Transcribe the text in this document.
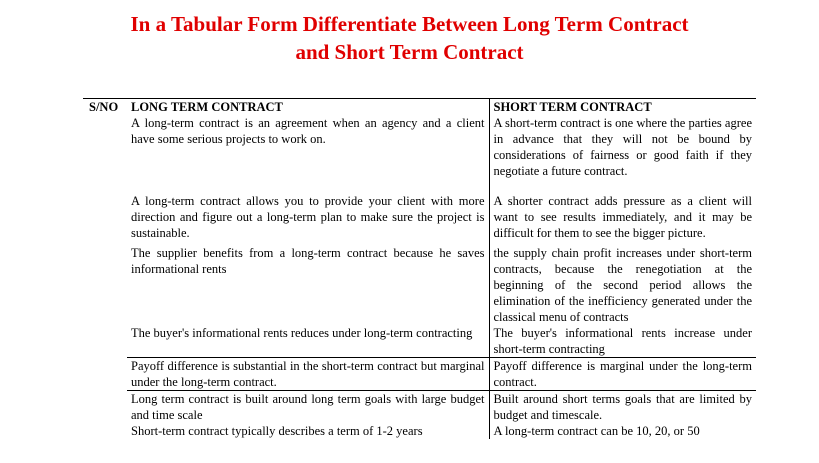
In a Tabular Form Differentiate Between Long Term Contract
and Short Term Contract
S/NO	LONG TERM CONTRACT	SHORT TERM CONTRACT
	A long-term contract is an agreement when an agency and a client have some serious projects to work on.	A short-term contract is one where the parties agree in advance that they will not be bound by considerations of fairness or good faith if they negotiate a future contract.
	A long-term contract allows you to provide your client with more direction and figure out a long-term plan to make sure the project is sustainable.	A shorter contract adds pressure as a client will want to see results immediately, and it may be difficult for them to see the bigger picture.
	The supplier benefits from a long-term contract because he saves informational rents	the supply chain profit increases under short-term contracts, because the renegotiation at the beginning of the second period allows the elimination of the inefficiency generated under the classical menu of contracts
	The buyer's informational rents reduces under long-term contracting	The buyer's informational rents increase under short-term contracting
	Payoff difference is substantial in the short-term contract but marginal under the long-term contract.	Payoff difference is marginal under the long-term contract.
	Long term contract is built around long term goals with large budget and time scale	Built around short terms goals that are limited by budget and timescale.
	Short-term contract typically describes a term of 1-2 years	A long-term contract can be 10, 20, or 50
